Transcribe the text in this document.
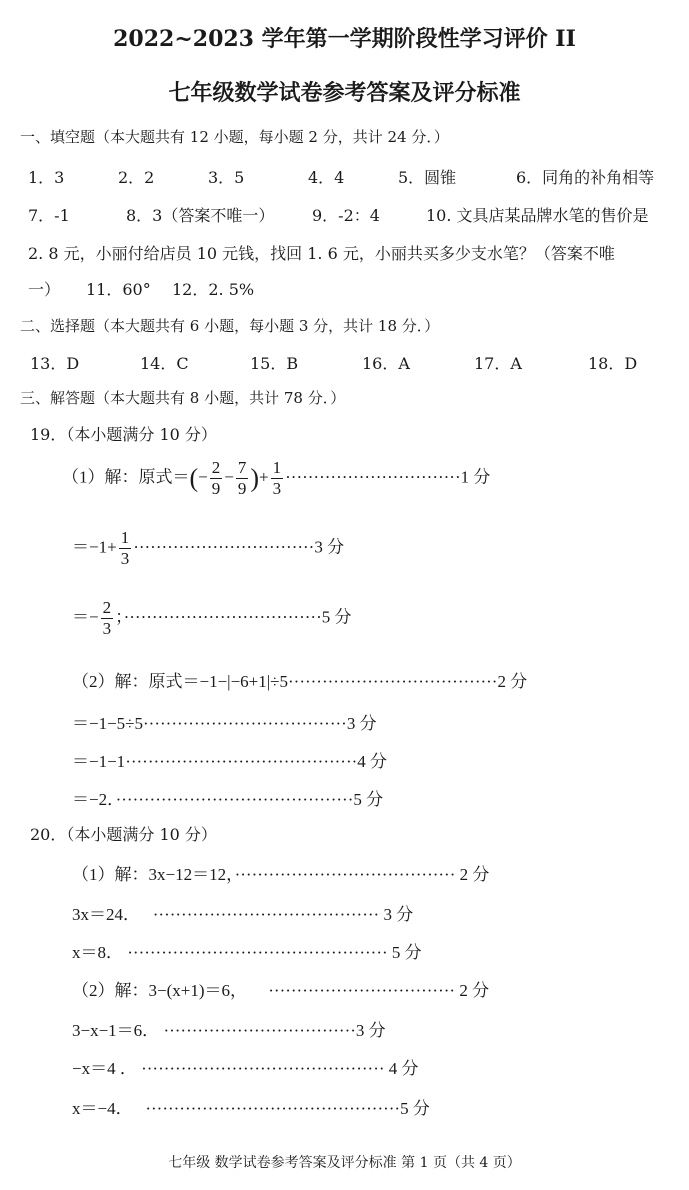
2022~2023 学年第一学期阶段性学习评价 II
七年级数学试卷参考答案及评分标准
一、填空题（本大题共有 12 小题，每小题 2 分，共计 24 分．）
1．3	2．2	3．5	4．4	5．圆锥	6．同角的补角相等
7．-1	8．3（答案不唯一） 9．-2：4	10. 文具店某品牌水笔的售价是
2. 8 元，小丽付给店员 10 元钱，找回 1. 6 元，小丽共买多少支水笔？（答案不唯
一） 11．60° 12．2. 5%
二、选择题（本大题共有 6 小题，每小题 3 分，共计 18 分．）
13．D	14．C	15．B	16．A	17．A	18．D
三、解答题（本大题共有 8 小题，共计 78 分．）
19．（本小题满分 10 分）
（1）解：原式＝(− $\frac{2}{9} - \frac{7}{9}$ )+ $\frac{1}{3} \cdot\cdot\cdot\cdot\cdot\cdot\cdot\cdot\cdot\cdot\cdot\cdot\cdot\cdot\cdot\cdot\cdot\cdot\cdot\cdot\cdot\cdot\cdot\cdot\cdot\cdot\cdot\cdot\cdot\cdot\cdot 1$ 分
$=-1+ \frac{1}{3} \cdot\cdot\cdot\cdot\cdot\cdot\cdot\cdot\cdot\cdot\cdot\cdot\cdot\cdot\cdot\cdot\cdot\cdot\cdot\cdot\cdot\cdot\cdot\cdot\cdot\cdot\cdot\cdot\cdot\cdot\cdot\cdot 3$ 分
＝− $\frac{2}{3}$ ；···································5 分
（2）解：原式＝−1−|−6+1|÷5·····································2 分
＝−1−5÷5····································3 分
＝−1−1·········································4 分
＝−2．··········································5 分
20．（本小题满分 10 分）
（1）解：3x−12＝12，······································· 2 分
3x＝24． ········································ 3 分
x＝8． ·············································· 5 分
（2）解：3−(x+1)＝6， ································· 2 分
3−x−1＝6． ··································3 分
−x＝4 ． ··········································· 4 分
x＝−4． ·············································5 分
七年级 数学试卷参考答案及评分标准 第 1 页（共 4 页）
